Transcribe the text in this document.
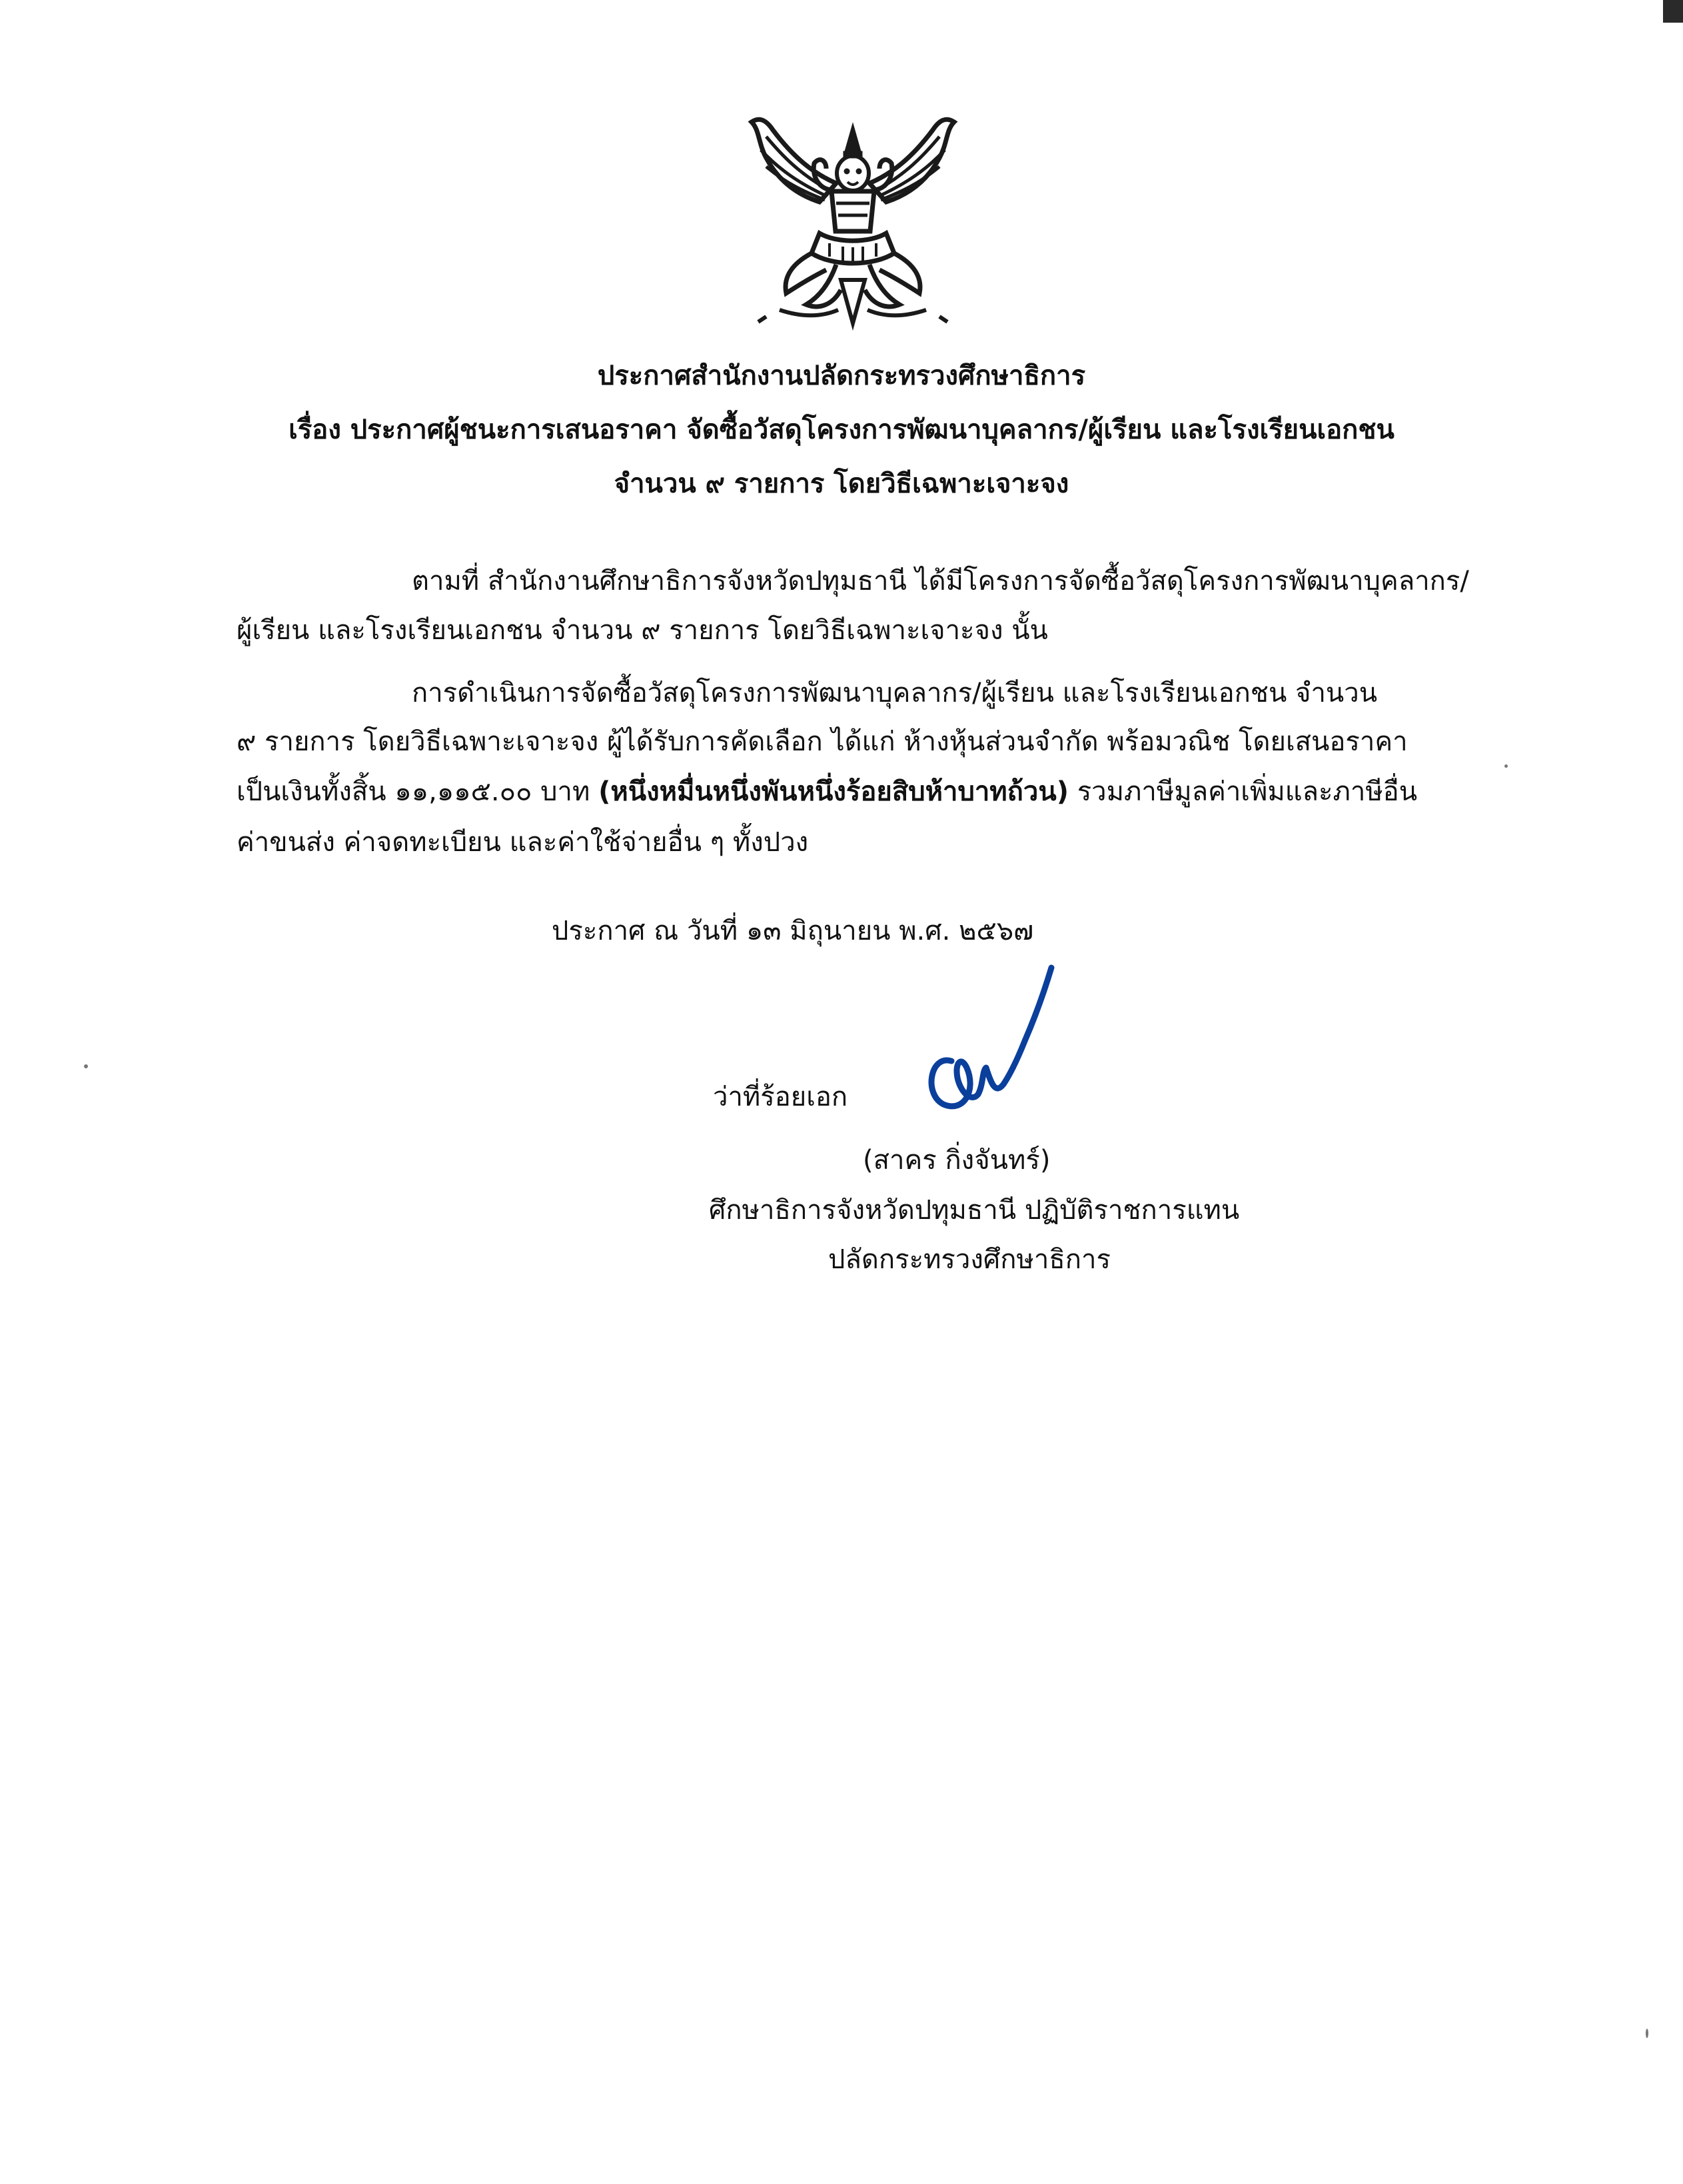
ประกาศสำนักงานปลัดกระทรวงศึกษาธิการ
เรื่อง ประกาศผู้ชนะการเสนอราคา จัดซื้อวัสดุโครงการพัฒนาบุคลากร/ผู้เรียน และโรงเรียนเอกชน
จำนวน ๙ รายการ โดยวิธีเฉพาะเจาะจง
ตามที่ สำนักงานศึกษาธิการจังหวัดปทุมธานี ได้มีโครงการจัดซื้อวัสดุโครงการพัฒนาบุคลากร/
ผู้เรียน และโรงเรียนเอกชน จำนวน ๙ รายการ โดยวิธีเฉพาะเจาะจง นั้น
การดำเนินการจัดซื้อวัสดุโครงการพัฒนาบุคลากร/ผู้เรียน และโรงเรียนเอกชน จำนวน
๙ รายการ โดยวิธีเฉพาะเจาะจง ผู้ได้รับการคัดเลือก ได้แก่ ห้างหุ้นส่วนจำกัด พร้อมวณิช โดยเสนอราคา
เป็นเงินทั้งสิ้น ๑๑,๑๑๕.๐๐ บาท (หนึ่งหมื่นหนึ่งพันหนึ่งร้อยสิบห้าบาทถ้วน) รวมภาษีมูลค่าเพิ่มและภาษีอื่น
ค่าขนส่ง ค่าจดทะเบียน และค่าใช้จ่ายอื่น ๆ ทั้งปวง
ประกาศ ณ วันที่ ๑๓ มิถุนายน พ.ศ. ๒๕๖๗
ว่าที่ร้อยเอก
(สาคร กิ่งจันทร์)
ศึกษาธิการจังหวัดปทุมธานี ปฏิบัติราชการแทน
ปลัดกระทรวงศึกษาธิการ
